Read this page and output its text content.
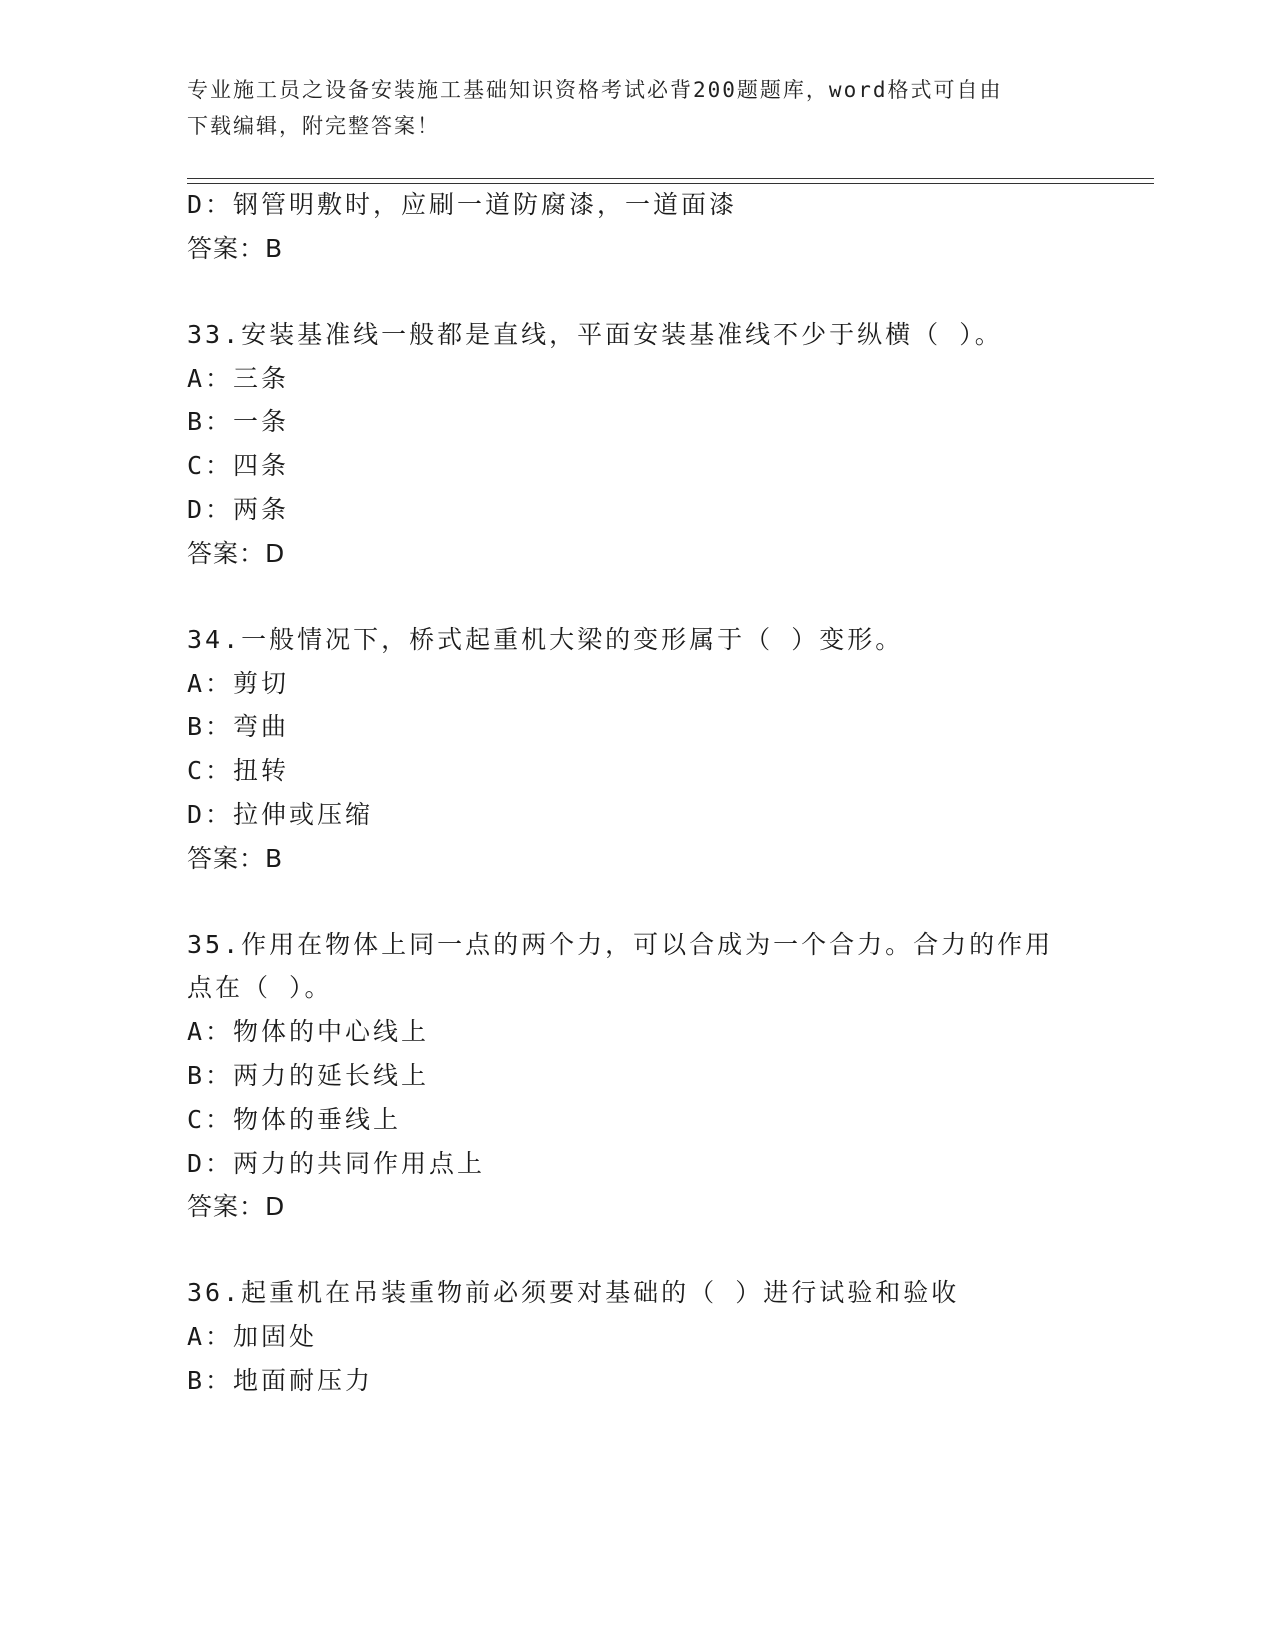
专业施工员之设备安装施工基础知识资格考试必背200题题库，word格式可自由
下载编辑，附完整答案！
D：钢管明敷时，应刷一道防腐漆，一道面漆
答案：B
33.安装基准线一般都是直线，平面安装基准线不少于纵横（ ）。
A：三条
B：一条
C：四条
D：两条
答案：D
34.一般情况下，桥式起重机大梁的变形属于（ ）变形。
A：剪切
B：弯曲
C：扭转
D：拉伸或压缩
答案：B
35.作用在物体上同一点的两个力，可以合成为一个合力。合力的作用
点在（ ）。
A：物体的中心线上
B：两力的延长线上
C：物体的垂线上
D：两力的共同作用点上
答案：D
36.起重机在吊装重物前必须要对基础的（ ）进行试验和验收
A：加固处
B：地面耐压力
